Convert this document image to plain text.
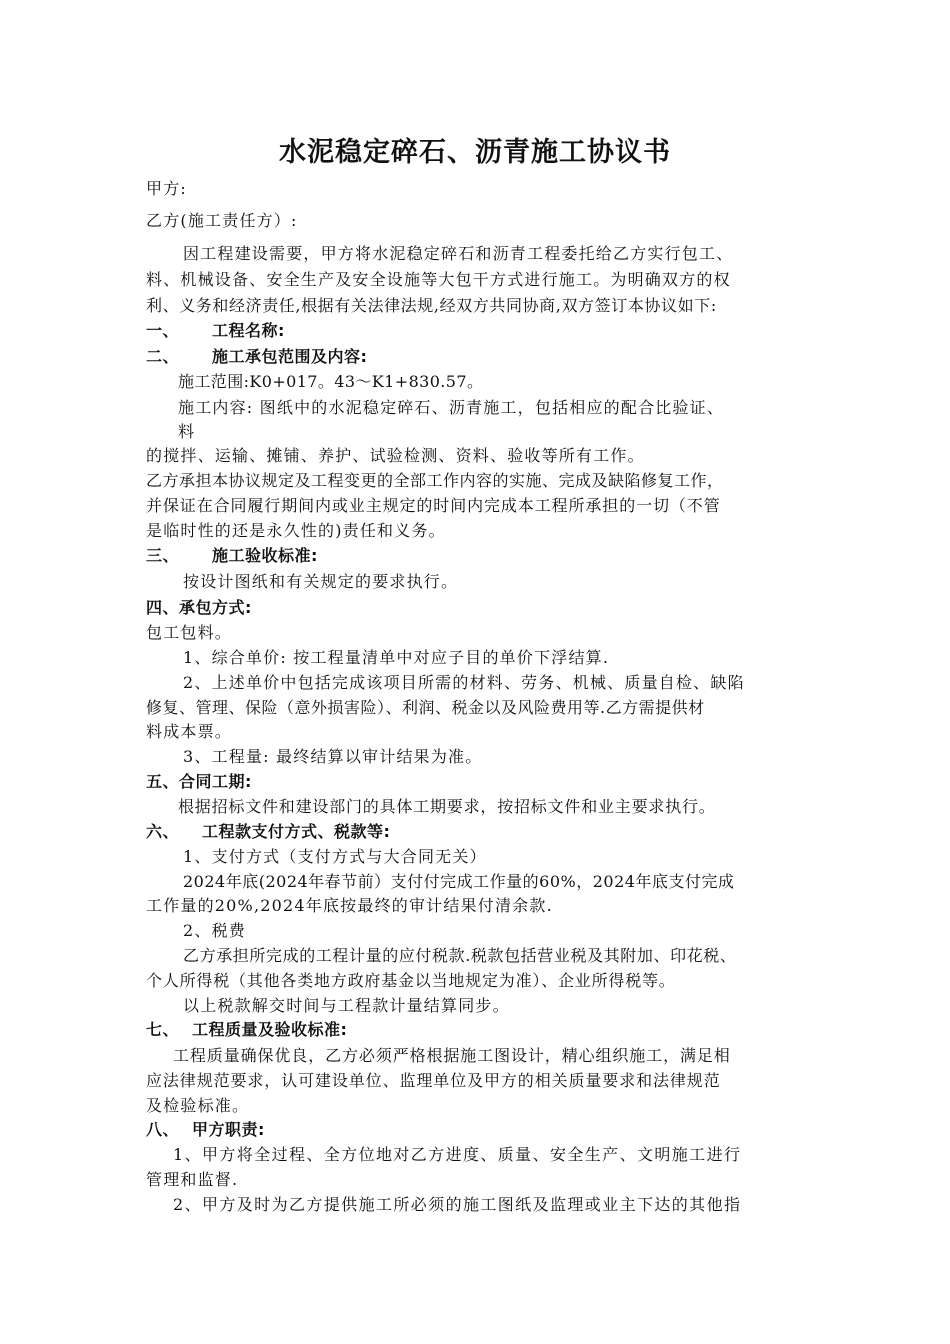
水泥稳定碎石、沥青施工协议书
甲方:
乙方(施工责任方）:
因工程建设需要，甲方将水泥稳定碎石和沥青工程委托给乙方实行包工、
料、机械设备、安全生产及安全设施等大包干方式进行施工。为明确双方的权
利、义务和经济责任,根据有关法律法规,经双方共同协商,双方签订本协议如下:
一、 工程名称:
二、 施工承包范围及内容:
施工范围:K0+017。43～K1+830.57。
施工内容: 图纸中的水泥稳定碎石、沥青施工，包括相应的配合比验证、
料
的搅拌、运输、摊铺、养护、试验检测、资料、验收等所有工作。
乙方承担本协议规定及工程变更的全部工作内容的实施、完成及缺陷修复工作，
并保证在合同履行期间内或业主规定的时间内完成本工程所承担的一切（不管
是临时性的还是永久性的)责任和义务。
三、 施工验收标准:
按设计图纸和有关规定的要求执行。
四、承包方式:
包工包料。
1、综合单价: 按工程量清单中对应子目的单价下浮结算.
2、上述单价中包括完成该项目所需的材料、劳务、机械、质量自检、缺陷
修复、管理、保险（意外损害险）、利润、税金以及风险费用等.乙方需提供材
料成本票。
3、工程量: 最终结算以审计结果为准。
五、合同工期:
根据招标文件和建设部门的具体工期要求，按招标文件和业主要求执行。
六、 工程款支付方式、税款等:
1、支付方式（支付方式与大合同无关）
2024年底(2024年春节前）支付付完成工作量的60%，2024年底支付完成
工作量的20%,2024年底按最终的审计结果付清余款.
2、税费
乙方承担所完成的工程计量的应付税款.税款包括营业税及其附加、印花税、
个人所得税（其他各类地方政府基金以当地规定为准）、企业所得税等。
以上税款解交时间与工程款计量结算同步。
七、 工程质量及验收标准:
工程质量确保优良，乙方必须严格根据施工图设计，精心组织施工，满足相
应法律规范要求，认可建设单位、监理单位及甲方的相关质量要求和法律规范
及检验标准。
八、 甲方职责:
1、甲方将全过程、全方位地对乙方进度、质量、安全生产、文明施工进行
管理和监督.
2、甲方及时为乙方提供施工所必须的施工图纸及监理或业主下达的其他指
